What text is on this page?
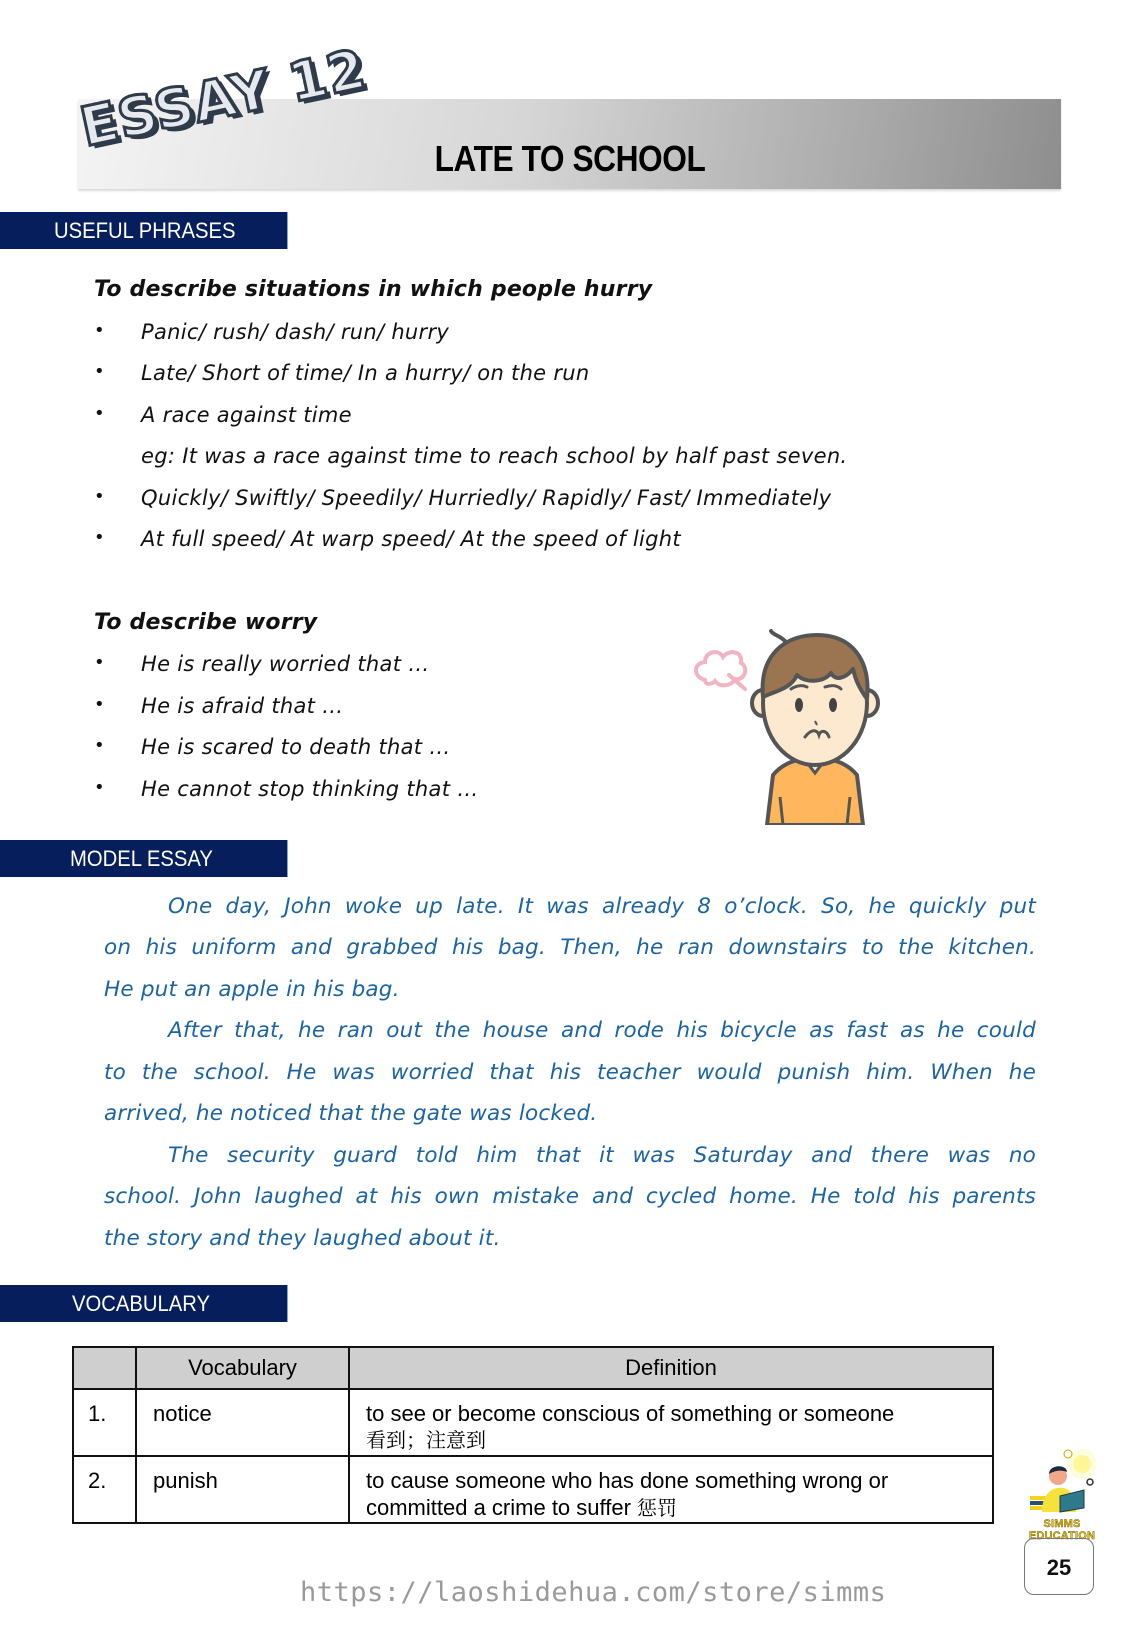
ESSAY 12	LATE TO SCHOOL
USEFUL PHRASES
To describe situations in which people hurry
• Panic/ rush/ dash/ run/ hurry
• Late/ Short of time/ In a hurry/ on the run
• A race against time
eg: It was a race against time to reach school by half past seven.
• Quickly/ Swiftly/ Speedily/ Hurriedly/ Rapidly/ Fast/ Immediately
• At full speed/ At warp speed/ At the speed of light
To describe worry
• He is really worried that …
• He is afraid that …
• He is scared to death that …
• He cannot stop thinking that …
MODEL ESSAY
One day, John woke up late. It was already 8 o’clock. So, he quickly put
on his uniform and grabbed his bag. Then, he ran downstairs to the kitchen.
He put an apple in his bag.
After that, he ran out the house and rode his bicycle as fast as he could
to the school. He was worried that his teacher would punish him. When he
arrived, he noticed that the gate was locked.
The security guard told him that it was Saturday and there was no
school. John laughed at his own mistake and cycled home. He told his parents
the story and they laughed about it.
VOCABULARY
	Vocabulary	Definition
1.	notice	to see or become conscious of something or someone
看到；注意到

2.	punish	to cause someone who has done something wrong or
committed a crime to suffer 惩罚
SIMMS EDUCATION
25
https://laoshidehua.com/store/simms
